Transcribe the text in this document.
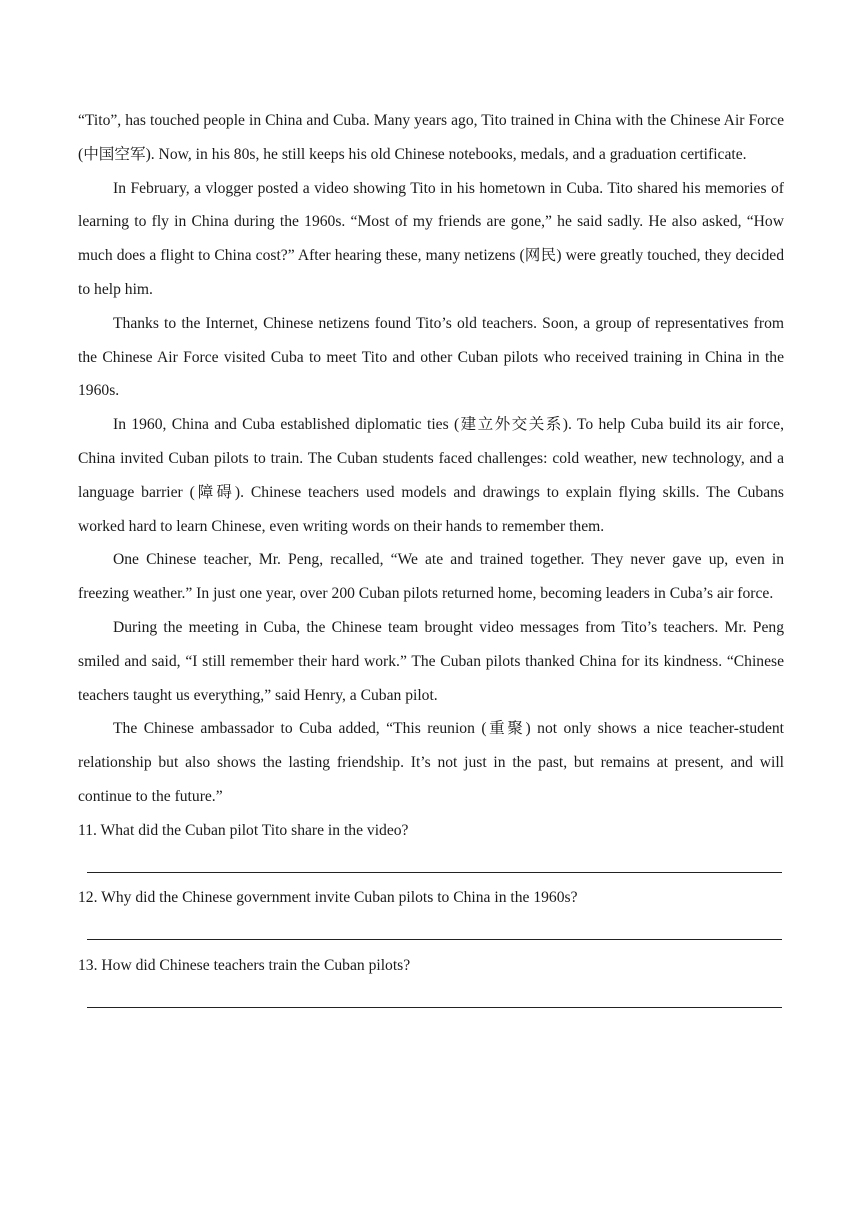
“Tito”, has touched people in China and Cuba. Many years ago, Tito trained in China with the Chinese Air Force (中国空军). Now, in his 80s, he still keeps his old Chinese notebooks, medals, and a graduation certificate.

In February, a vlogger posted a video showing Tito in his hometown in Cuba. Tito shared his memories of learning to fly in China during the 1960s. “Most of my friends are gone,” he said sadly. He also asked, “How much does a flight to China cost?” After hearing these, many netizens (网民) were greatly touched, they decided to help him.

Thanks to the Internet, Chinese netizens found Tito’s old teachers. Soon, a group of representatives from the Chinese Air Force visited Cuba to meet Tito and other Cuban pilots who received training in China in the 1960s.

In 1960, China and Cuba established diplomatic ties (建立外交关系). To help Cuba build its air force, China invited Cuban pilots to train. The Cuban students faced challenges: cold weather, new technology, and a language barrier (障碍). Chinese teachers used models and drawings to explain flying skills. The Cubans worked hard to learn Chinese, even writing words on their hands to remember them.

One Chinese teacher, Mr. Peng, recalled, “We ate and trained together. They never gave up, even in freezing weather.” In just one year, over 200 Cuban pilots returned home, becoming leaders in Cuba’s air force.

During the meeting in Cuba, the Chinese team brought video messages from Tito’s teachers. Mr. Peng smiled and said, “I still remember their hard work.” The Cuban pilots thanked China for its kindness. “Chinese teachers taught us everything,” said Henry, a Cuban pilot.

The Chinese ambassador to Cuba added, “This reunion (重聚) not only shows a nice teacher-student relationship but also shows the lasting friendship. It’s not just in the past, but remains at present, and will continue to the future.”

11. What did the Cuban pilot Tito share in the video?

12. Why did the Chinese government invite Cuban pilots to China in the 1960s?

13. How did Chinese teachers train the Cuban pilots?
